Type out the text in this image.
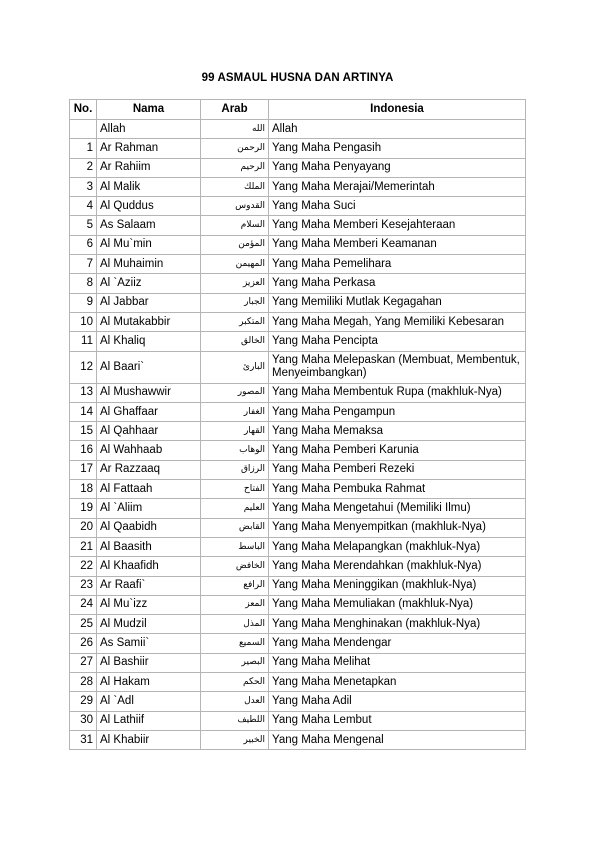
99 ASMAUL HUSNA DAN ARTINYA
No.	Nama	Arab	Indonesia
	Allah	الله	Allah
1	Ar Rahman	الرحمن	Yang Maha Pengasih
2	Ar Rahiim	الرحيم	Yang Maha Penyayang
3	Al Malik	الملك	Yang Maha Merajai/Memerintah
4	Al Quddus	القدوس	Yang Maha Suci
5	As Salaam	السلام	Yang Maha Memberi Kesejahteraan
6	Al Mu`min	المؤمن	Yang Maha Memberi Keamanan
7	Al Muhaimin	المهيمن	Yang Maha Pemelihara
8	Al `Aziiz	العزيز	Yang Maha Perkasa
9	Al Jabbar	الجبار	Yang Memiliki Mutlak Kegagahan
10	Al Mutakabbir	المتكبر	Yang Maha Megah, Yang Memiliki Kebesaran
11	Al Khaliq	الخالق	Yang Maha Pencipta
12	Al Baari`	البارئ	Yang Maha Melepaskan (Membuat, Membentuk, Menyeimbangkan)
13	Al Mushawwir	المصور	Yang Maha Membentuk Rupa (makhluk-Nya)
14	Al Ghaffaar	الغفار	Yang Maha Pengampun
15	Al Qahhaar	القهار	Yang Maha Memaksa
16	Al Wahhaab	الوهاب	Yang Maha Pemberi Karunia
17	Ar Razzaaq	الرزاق	Yang Maha Pemberi Rezeki
18	Al Fattaah	الفتاح	Yang Maha Pembuka Rahmat
19	Al `Aliim	العليم	Yang Maha Mengetahui (Memiliki Ilmu)
20	Al Qaabidh	القابض	Yang Maha Menyempitkan (makhluk-Nya)
21	Al Baasith	الباسط	Yang Maha Melapangkan (makhluk-Nya)
22	Al Khaafidh	الخافض	Yang Maha Merendahkan (makhluk-Nya)
23	Ar Raafi`	الرافع	Yang Maha Meninggikan (makhluk-Nya)
24	Al Mu`izz	المعز	Yang Maha Memuliakan (makhluk-Nya)
25	Al Mudzil	المذل	Yang Maha Menghinakan (makhluk-Nya)
26	As Samii`	السميع	Yang Maha Mendengar
27	Al Bashiir	البصير	Yang Maha Melihat
28	Al Hakam	الحكم	Yang Maha Menetapkan
29	Al `Adl	العدل	Yang Maha Adil
30	Al Lathiif	اللطيف	Yang Maha Lembut
31	Al Khabiir	الخبير	Yang Maha Mengenal
